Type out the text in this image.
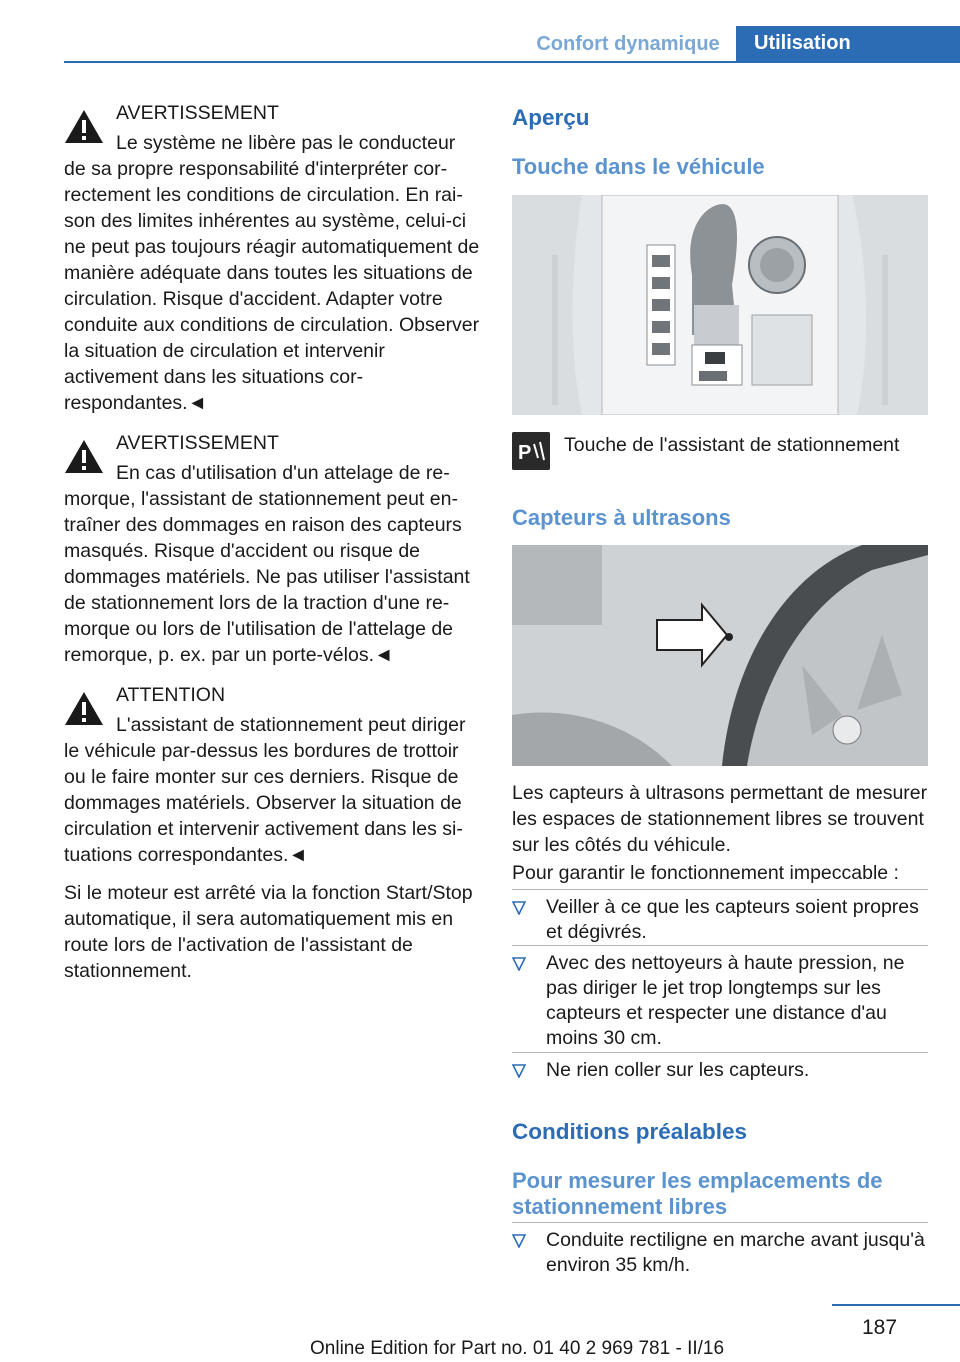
Confort dynamique	Utilisation

AVERTISSEMENT

Le système ne libère pas le conducteur de sa propre responsabilité d'interpréter correctement les conditions de circulation. En raison des limites inhérentes au système, celui-ci ne peut pas toujours réagir automatiquement de manière adéquate dans toutes les situations de circulation. Risque d'accident. Adapter votre conduite aux conditions de circulation. Observer la situation de circulation et intervenir activement dans les situations correspondantes.◄

AVERTISSEMENT

En cas d'utilisation d'un attelage de remorque, l'assistant de stationnement peut entraîner des dommages en raison des capteurs masqués. Risque d'accident ou risque de dommages matériels. Ne pas utiliser l'assistant de stationnement lors de la traction d'une remorque ou lors de l'utilisation de l'attelage de remorque, p. ex. par un porte-vélos.◄

ATTENTION

L'assistant de stationnement peut diriger le véhicule par-dessus les bordures de trottoir ou le faire monter sur ces derniers. Risque de dommages matériels. Observer la situation de circulation et intervenir activement dans les situations correspondantes.◄

Si le moteur est arrêté via la fonction Start/Stop automatique, il sera automatiquement mis en route lors de l'activation de l'assistant de stationnement.

Aperçu
Touche dans le véhicule
P Touche de l'assistant de stationnement
Capteurs à ultrasons

Les capteurs à ultrasons permettant de mesurer les espaces de stationnement libres se trouvent sur les côtés du véhicule.

Pour garantir le fonctionnement impeccable :

Veiller à ce que les capteurs soient propres et dégivrés.
Avec des nettoyeurs à haute pression, ne pas diriger le jet trop longtemps sur les capteurs et respecter une distance d'au moins 30 cm.
Ne rien coller sur les capteurs.
Conditions préalables
Pour mesurer les emplacements de stationnement libres
Conduite rectiligne en marche avant jusqu'à environ 35 km/h.
187
Online Edition for Part no. 01 40 2 969 781 - II/16
